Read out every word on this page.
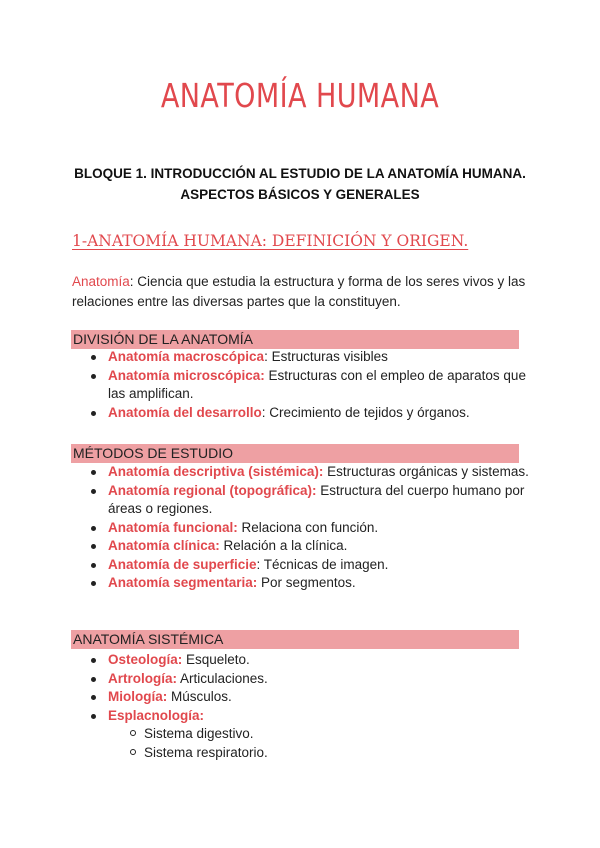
ANATOMÍA HUMANA
BLOQUE 1. INTRODUCCIÓN AL ESTUDIO DE LA ANATOMÍA HUMANA. ASPECTOS BÁSICOS Y GENERALES
1-ANATOMÍA HUMANA: DEFINICIÓN Y ORIGEN.
Anatomía: Ciencia que estudia la estructura y forma de los seres vivos y las relaciones entre las diversas partes que la constituyen.
DIVISIÓN DE LA ANATOMÍA
Anatomía macroscópica: Estructuras visibles
Anatomía microscópica: Estructuras con el empleo de aparatos que las amplifican.
Anatomía del desarrollo: Crecimiento de tejidos y órganos.
MÉTODOS DE ESTUDIO
Anatomía descriptiva (sistémica): Estructuras orgánicas y sistemas.
Anatomía regional (topográfica): Estructura del cuerpo humano por áreas o regiones.
Anatomía funcional: Relaciona con función.
Anatomía clínica: Relación a la clínica.
Anatomía de superficie: Técnicas de imagen.
Anatomía segmentaria: Por segmentos.
ANATOMÍA SISTÉMICA
Osteología: Esqueleto.
Artrología: Articulaciones.
Miología: Músculos.
Esplacnología:
Sistema digestivo.
Sistema respiratorio.
